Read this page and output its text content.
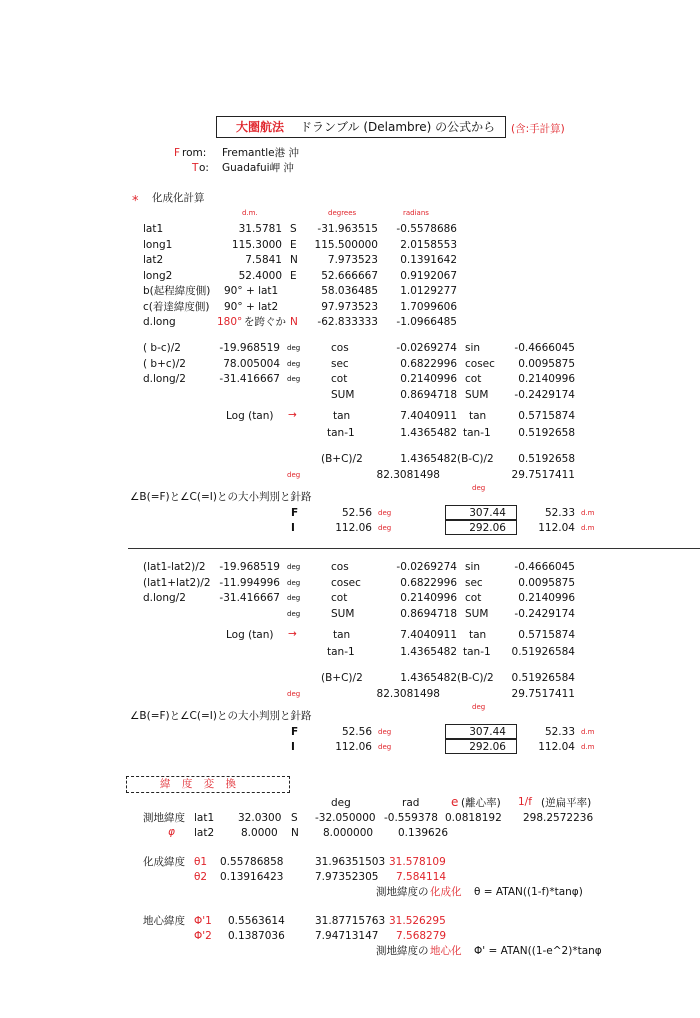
大圏航法 ドランブル (Delambre) の公式から (含:手計算)
F rom: Fremantle港 沖
T o: Guadafui岬 沖
* 化成化計算
d.m.	degrees	radians
lat1	31.5781 S -31.963515 -0.5578686
long1	115.3000 E 115.500000 2.0158553
lat2	7.5841 N	7.973523 0.1391642
long2	52.4000 E 52.666667 0.9192067
b(起程緯度側) 90° + lat1	58.036485 1.0129277
c(着達緯度側) 90° + lat2	97.973523 1.7099606
d.long	180° を跨ぐか N -62.833333 -1.0966485
( b-c)/2	-19.968519 deg	cos	-0.0269274 sin	-0.4666045
( b+c)/2	78.005004 deg	sec	0.6822996 cosec 0.0095875
d.long/2	-31.416667 deg	cot	0.2140996 cot	0.2140996
SUM	0.8694718 SUM -0.2429174
Log (tan) →	tan	7.4040911 tan	0.5715874
tan-1	1.4365482 tan-1	0.5192658
(B+C)/2	1.4365482 (B-C)/2 0.5192658
deg	82.3081498	29.7517411
∠B(=F)と∠C(=I)との大小判別と針路
deg
F	52.56 deg	307.44	52.33 d.m
I	112.06 deg	292.06	112.04 d.m
(lat1-lat2)/2 -19.968519 deg	cos	-0.0269274 sin	-0.4666045
(lat1+lat2)/2 -11.994996 deg	cosec	0.6822996 sec	0.0095875
d.long/2	-31.416667 deg	cot	0.2140996 cot	0.2140996
deg	SUM	0.8694718 SUM -0.2429174
Log (tan) →	tan	7.4040911 tan	0.5715874
tan-1	1.4365482 tan-1 0.51926584
(B+C)/2	1.4365482 (B-C)/2 0.51926584
deg	82.3081498	29.7517411
∠B(=F)と∠C(=I)との大小判別と針路
deg
F	52.56 deg	307.44	52.33 d.m
I	112.06 deg	292.06	112.04 d.m
緯 度 変 換
deg	rad	e (離心率) 1/f (逆扁平率)
測地緯度 lat1 32.0300 S -32.050000 -0.559378 0.0818192 298.2572236
φ lat2	8.0000 N 8.000000 0.139626
化成緯度 θ1 0.55786858	31.96351503 31.578109
θ2 0.13916423	7.97352305 7.584114
測地緯度の 化成化 θ = ATAN((1-f)*tanφ)
地心緯度 Φ'1 0.5563614	31.87715763 31.526295
Φ'2 0.1387036	7.94713147 7.568279
測地緯度の 地心化 Φ' = ATAN((1-e^2)*tanφ
